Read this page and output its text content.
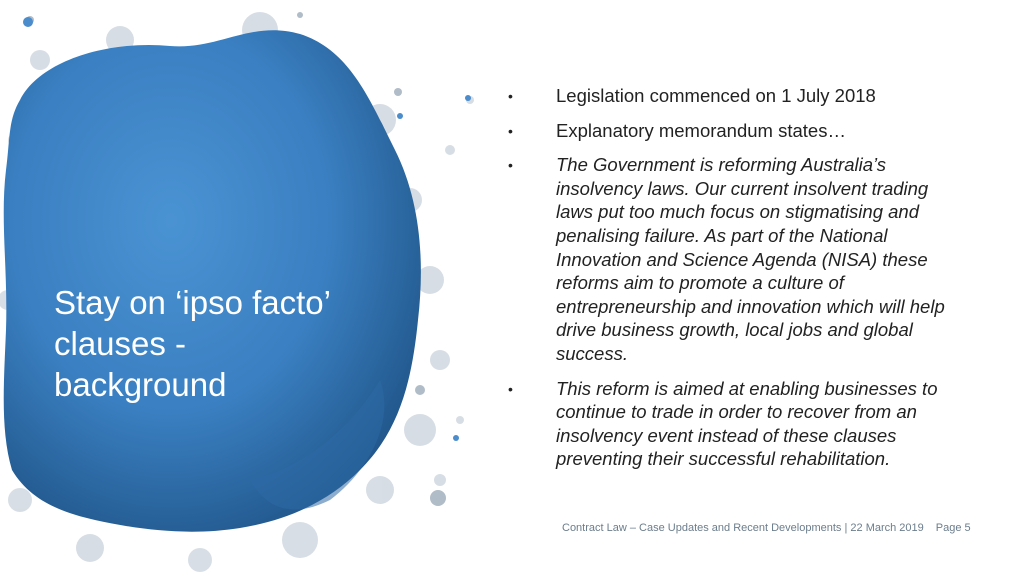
Stay on ‘ipso facto’ clauses - background
• Legislation commenced on 1 July 2018
• Explanatory memorandum states…
• The Government is reforming Australia’s insolvency laws. Our current insolvent trading laws put too much focus on stigmatising and penalising failure. As part of the National Innovation and Science Agenda (NISA) these reforms aim to promote a culture of entrepreneurship and innovation which will help drive business growth, local jobs and global success.
• This reform is aimed at enabling businesses to continue to trade in order to recover from an insolvency event instead of these clauses preventing their successful rehabilitation.
Contract Law – Case Updates and Recent Developments | 22 March 2019 Page 5
